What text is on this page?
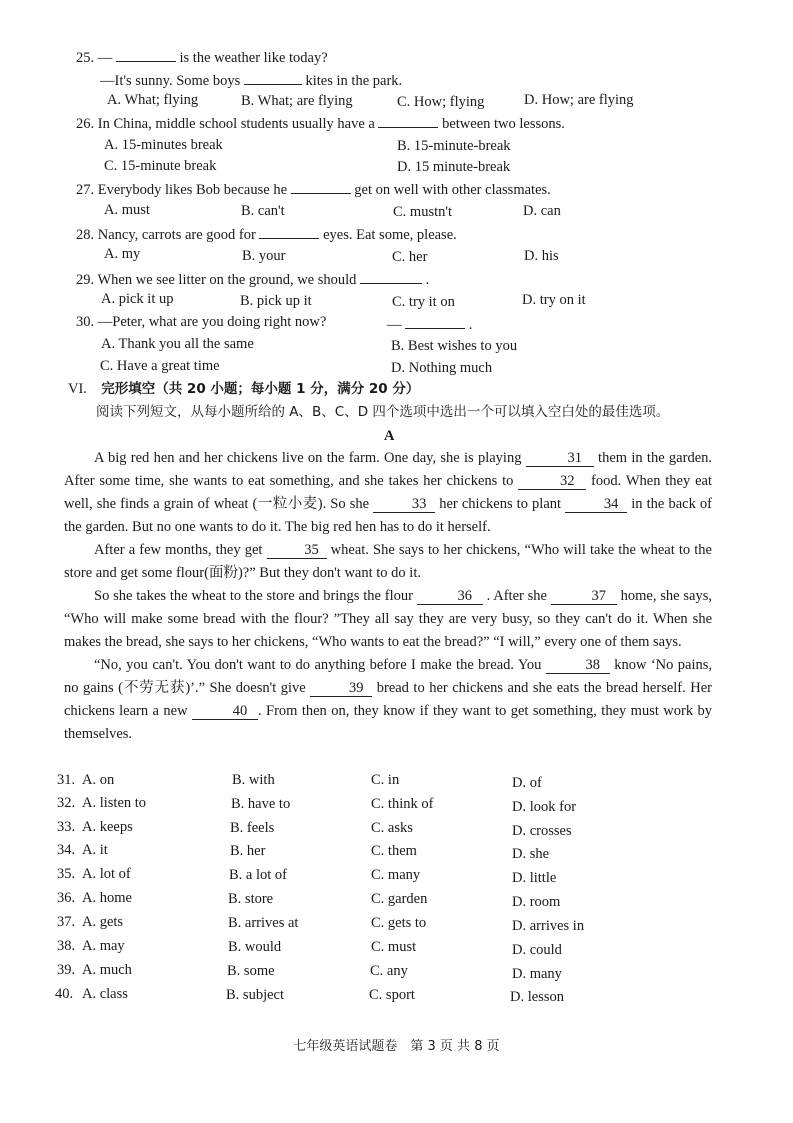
25. —	is the weather like today?
—It's sunny. Some boys	kites in the park.
A. What; flying	B. What; are flying	C. How; flying	D. How; are flying
26. In China, middle school students usually have a	between two lessons.
A. 15-minutes break	B. 15-minute-break
C. 15-minute break	D. 15 minute-break
27. Everybody likes Bob because he	get on well with other classmates.
A. must	B. can't	C. mustn't	D. can
28. Nancy, carrots are good for	eyes. Eat some, please.
A. my	B. your	C. her	D. his
29. When we see litter on the ground, we should	.
A. pick it up	B. pick up it	C. try it on	D. try on it
30. —Peter, what are you doing right now?	—	.
A. Thank you all the same	B. Best wishes to you
C. Have a great time	D. Nothing much
VI. 完形填空（共 20 小题；每小题 1 分，满分 20 分）
阅读下列短文，从每小题所给的 A、B、C、D 四个选项中选出一个可以填入空白处的最佳选项。
A

A big red hen and her chickens live on the farm. One day, she is playing	31 them in the garden. After some time, she wants to eat something, and she takes her chickens to	32 food. When they eat well, she finds a grain of wheat (一粒小麦). So she	33 her chickens to plant	34 in the back of the garden. But no one wants to do it. The big red hen has to do it herself.

After a few months, they get	35 wheat. She says to her chickens, “Who will take the wheat to the store and get some flour(面粉)?” But they don't want to do it.

So she takes the wheat to the store and brings the flour	36 . After she	37 home, she says, “Who will make some bread with the flour? ”They all say they are very busy, so they can't do it. When she makes the bread, she says to her chickens, “Who wants to eat the bread?” “I will,” every one of them says.

“No, you can't. You don't want to do anything before I make the bread. You	38 know ‘No pains, no gains (不劳无获)’.” She doesn't give	39 bread to her chickens and she eats the bread herself. Her chickens learn a new	40 . From then on, they know if they want to get something, they must work by themselves.

31. A. on	B. with	C. in	D. of
32. A. listen to	B. have to	C. think of	D. look for
33. A. keeps	B. feels	C. asks	D. crosses
34. A. it	B. her	C. them	D. she
35. A. lot of	B. a lot of	C. many	D. little
36. A. home	B. store	C. garden	D. room
37. A. gets	B. arrives at	C. gets to	D. arrives in
38. A. may	B. would	C. must	D. could
39. A. much	B. some	C. any	D. many
40. A. class	B. subject	C. sport	D. lesson
七年级英语试题卷　第 3 页 共 8 页
